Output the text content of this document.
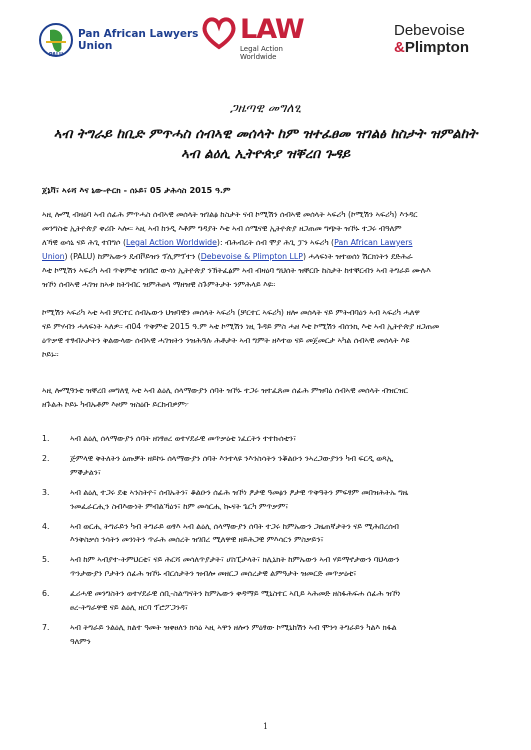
PALU
Pan African Lawyers Union
LAW
Legal Action Worldwide
Debevoise
&Plimpton
ጋዜጣዊ መግለፂ
ኣብ ትግራይ ከቢድ ምጥሓስ ሰብኣዊ መሰላት ከም ዝተፈፀመ ዝገልፅ ከስታት ዝምልከት
ኣብ ልዕሊ ኢትዮጵያ ዝቐረበ ጉዳይ
ጀኔቫ፣ ኣሩሻ እና ኒው-ዮርክ - ሰኑይ፣ 05 ታሕሳስ 2015 ዓ.ም
ኣዚ ሎሚ ብዛዕባ ኣብ ሰፊሕ ምጥሓስ ሰብኣዊ መሰላት ዝገልፅ ከስታት ናብ ኮሚሽን ሰብኣዊ መሰላት ኣፍሪካ (ኮሚሽን ኣፍሪካ) እንዳር
መንግስቲ ኢትዮጵያ ቀሪቡ ኣሎ። ኣዚ ኣብ ከንዲ እቶም ግዳያት እቲ ኣብ ሰሜናዊ ኢትዮጵያ ዘጋጠመ ግጭት ዝኾኑ ተጋሩ ብዓለም
ለኻዊ ወሳኒ ናይ ሕጊ ተበግሶ (Legal Action Worldwide): ብሕብረት ሰብ ሞያ ሕጊ ፓን ኣፍሪካ (Pan African Lawyers
Union) (PALU) ከምኡውን ዴብቮይዝን ፕሊምፕተን (Debevoise & Plimpton LLP) ሓላፍነት ዝተወሰነ ሽርክነትን ደድሕራ
እቲ ኮሚሽን ኣፍሪካ ኣብ ጥቅምቲ ዝገበሮ ውሳነ ኢትዮጵያ ንኽትፈፅም ኣብ ብዛዕባ ግህሰት ዝቐርቡ ከስታት ከተቐርብን ኣብ ትግራይ ሙሉእ
ዝኾነ ሰብኣዊ ሓገዝ ክኣቱ ክትገብር ዝምሕፀላ ማዘዝዊ ስጉምትታት ንምሕላይ እዩ።
ኮሚሽን ኣፍሪካ ኣቲ ኣብ ቻርተር ሰብኡውን ህዝባዊን መሰላት ኣፍሪካ (ቻርተር ኣፍሪካ) ዘሎ መሰላት ናይ ምትብባዕን ኣብ ኣፍሪካ ሓለዋ
ናይ ምሃብን ሓላፍነት ኣለዎ። ብ04 ጥቅምቲ 2015 ዓ.ም ኣቲ ኮሚሽን ነዚ ጉዳይ ምስ ሓዘ እቲ ኮሚሽን ብሰንኪ እቲ ኣብ ኢትዮጵያ ዘጋጠመ
ዕጥቃዊ ተፃብኦታትን ቅልውላው ሰብኣዊ ሓገዝትን ንዝሕዓሉ ሕቶታት ኣብ ግምት ዘእተወ ናይ መጀመርታ ኣካል ሰብኣዊ መሰላት እዩ
ኮይኑ።
ኣዚ ሎሚዓንቲ ዝቐረበ መግለፂ ኣቲ ኣብ ልዕሊ ሰላማውያን ሰባት ዝኾኑ ተጋሩ ዝተፈጸመ ሰፊሕ ምዝባዕ ሰብኣዊ መሰላት ብዝርዝር
ዘጉልሕ ኮይኑ ካብኡቶም እዞም ዝስዕቡ ይርከብዎም፦
1.	ኣብ ልዕሊ ሰላማውያን ሰባት ዘነፃፀረ ወተሃደራዊ መጥቃዕቲ ነፈርትን ተተኩሰቲን፣
2.	ጅምላዊ ቅትለትን ዕጡቓት ዘይኮኑ ሰላማውያን ሰባት እንተላዩ ንእንስሳትን ንቖልዑን ንኣረጋውያንን ካብ ፍርዲ ወጻኢ
ምቕታልን፣
3.	ኣብ ልዕሊ ተጋሩ ደቂ ኣንስትዮ፣ ሰብኡትን፣ ቆልዑን ሰፊሕ ዝኾነ ፆታዊ ዓመፅን ፆታዊ ጥቅዓትን ምፍፃም መበዝሕትኡ ግዜ
ንመፈራርሒን ስብእውነት ምብልኻዕን፣ ከም መሳርሒ ኲናት ጌርካ ምጥቃም፣
4.	ኣብ ወርሒ ትግራይን ካብ ትግራይ ወፃእ ኣብ ልዕሊ ሰላማውያን ሰባት ተጋሩ ከምኡውን ጋዜጠኛታትን ናይ ሚሕበረሰብ
እንቅስቃሰ ንሳትን መንነትን ጥራሕ መሰረት ዝገበረ ሚለዋዊ ዘይሕጋዊ ምእሳርን ምስቃይን፣
5.	ኣብ ከም ኣብያተ-ትምህርቲ፣ ናይ ሕርሻ መሳለጥያታት፣ ሆስፒታላት፣ ክሊኒክት ከምኡውን ኣብ ሃይማኖታውን ባህላውን
ጥንታውያን ቦታትን ሰፊሕ ዝኾኑ ብርሰታትን ዝብሎ መዘርጋ መሰረታዊ ልምዓታት ዝመርድ መጥቃዕቲ፣
6.	ፈሪሓዊ መንግስትን ወተሃደራዊ ሰቢ-ስልጣናትን ከምኡውን ቀዳማይ ሚኒስተር ኣቢይ ኣሕመድ ዘስፋሕፍሐ ሰፊሕ ዝኾነ
ፀረ-ትግራዋዊ ናይ ልዕሊ ዘርባ ፕሮፖጋንዳ፣
7.	ኣብ ትግራይ ንልዕሊ ክልተ ዓመት ዝቀፀለን ክሳዕ ኣዚ ኣዋን ዘሎን ምዕፃው ኮሚኒከሽን ኣብ ሞንጎ ትግራይን ካልእ ክፋል
ዓለምን
1
